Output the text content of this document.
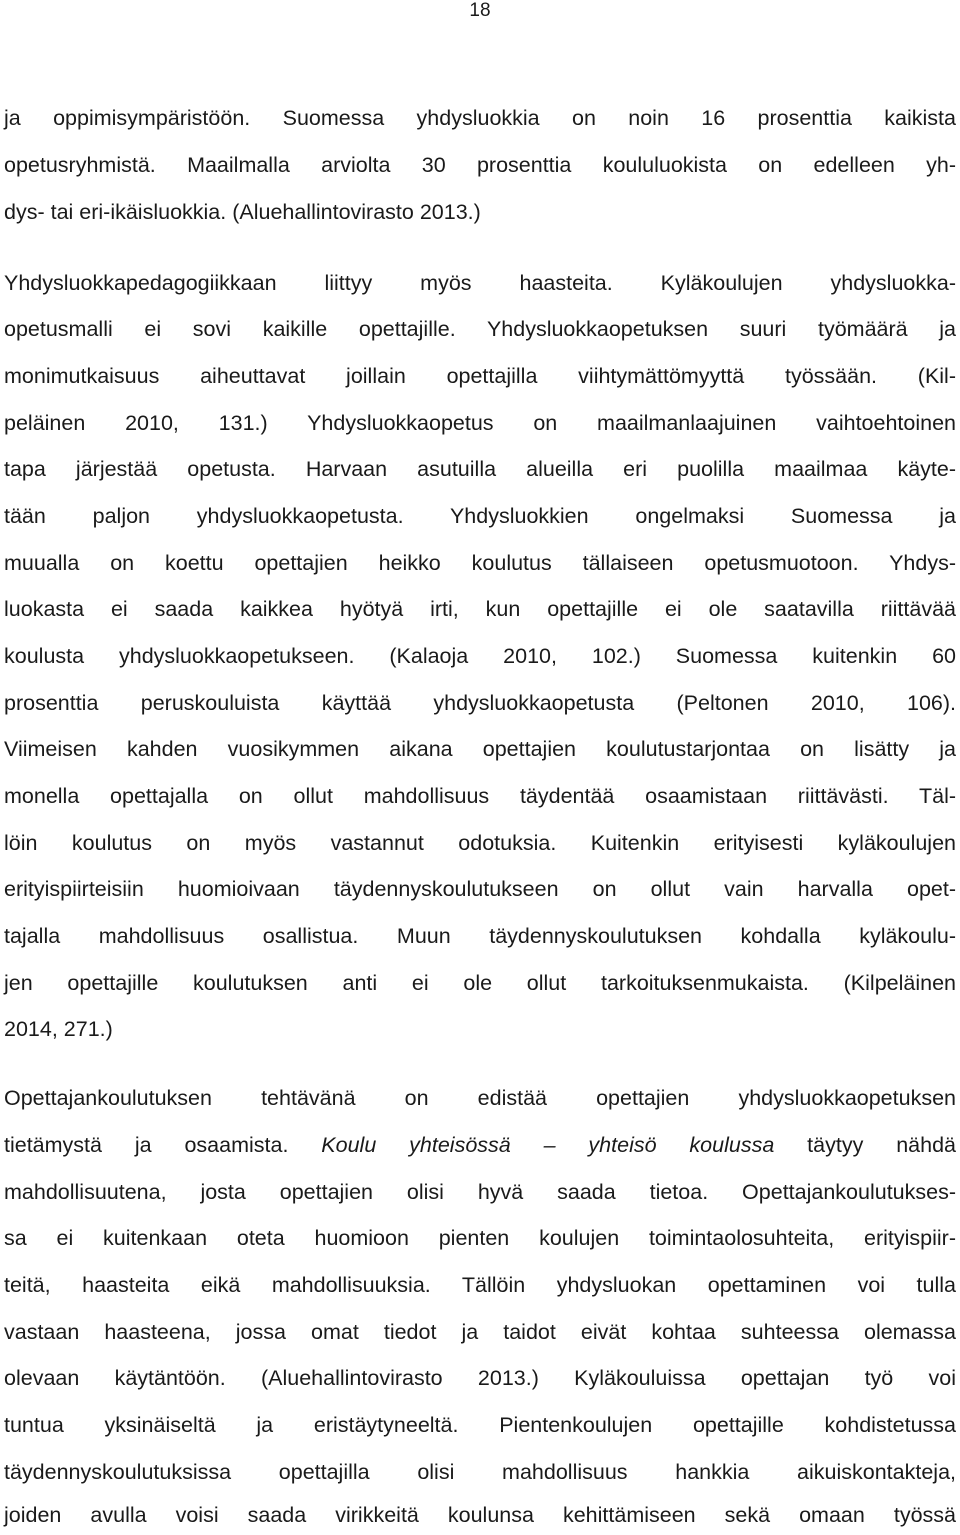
18
ja oppimisympäristöön. Suomessa yhdysluokkia on noin 16 prosenttia kaikista
opetusryhmistä. Maailmalla arviolta 30 prosenttia koululuokista on edelleen yh-
dys- tai eri-ikäisluokkia. (Aluehallintovirasto 2013.)
Yhdysluokkapedagogiikkaan liittyy myös haasteita. Kyläkoulujen yhdysluokka-
opetusmalli ei sovi kaikille opettajille. Yhdysluokkaopetuksen suuri työmäärä ja
monimutkaisuus aiheuttavat joillain opettajilla viihtymättömyyttä työssään. (Kil-
peläinen 2010, 131.) Yhdysluokkaopetus on maailmanlaajuinen vaihtoehtoinen
tapa järjestää opetusta. Harvaan asutuilla alueilla eri puolilla maailmaa käyte-
tään paljon yhdysluokkaopetusta. Yhdysluokkien ongelmaksi Suomessa ja
muualla on koettu opettajien heikko koulutus tällaiseen opetusmuotoon. Yhdys-
luokasta ei saada kaikkea hyötyä irti, kun opettajille ei ole saatavilla riittävää
koulusta yhdysluokkaopetukseen. (Kalaoja 2010, 102.) Suomessa kuitenkin 60
prosenttia peruskouluista käyttää yhdysluokkaopetusta (Peltonen 2010, 106).
Viimeisen kahden vuosikymmen aikana opettajien koulutustarjontaa on lisätty ja
monella opettajalla on ollut mahdollisuus täydentää osaamistaan riittävästi. Täl-
löin koulutus on myös vastannut odotuksia. Kuitenkin erityisesti kyläkoulujen
erityispiirteisiin huomioivaan täydennyskoulutukseen on ollut vain harvalla opet-
tajalla mahdollisuus osallistua. Muun täydennyskoulutuksen kohdalla kyläkoulu-
jen opettajille koulutuksen anti ei ole ollut tarkoituksenmukaista. (Kilpeläinen
2014, 271.)
Opettajankoulutuksen tehtävänä on edistää opettajien yhdysluokkaopetuksen
tietämystä ja osaamista. Koulu yhteisössä – yhteisö koulussa täytyy nähdä
mahdollisuutena, josta opettajien olisi hyvä saada tietoa. Opettajankoulutukses-
sa ei kuitenkaan oteta huomioon pienten koulujen toimintaolosuhteita, erityispiir-
teitä, haasteita eikä mahdollisuuksia. Tällöin yhdysluokan opettaminen voi tulla
vastaan haasteena, jossa omat tiedot ja taidot eivät kohtaa suhteessa olemassa
olevaan käytäntöön. (Aluehallintovirasto 2013.) Kyläkouluissa opettajan työ voi
tuntua yksinäiseltä ja eristäytyneeltä. Pientenkoulujen opettajille kohdistetussa
täydennyskoulutuksissa opettajilla olisi mahdollisuus hankkia aikuiskontakteja,
joiden avulla voisi saada virikkeitä koulunsa kehittämiseen sekä omaan työssä
